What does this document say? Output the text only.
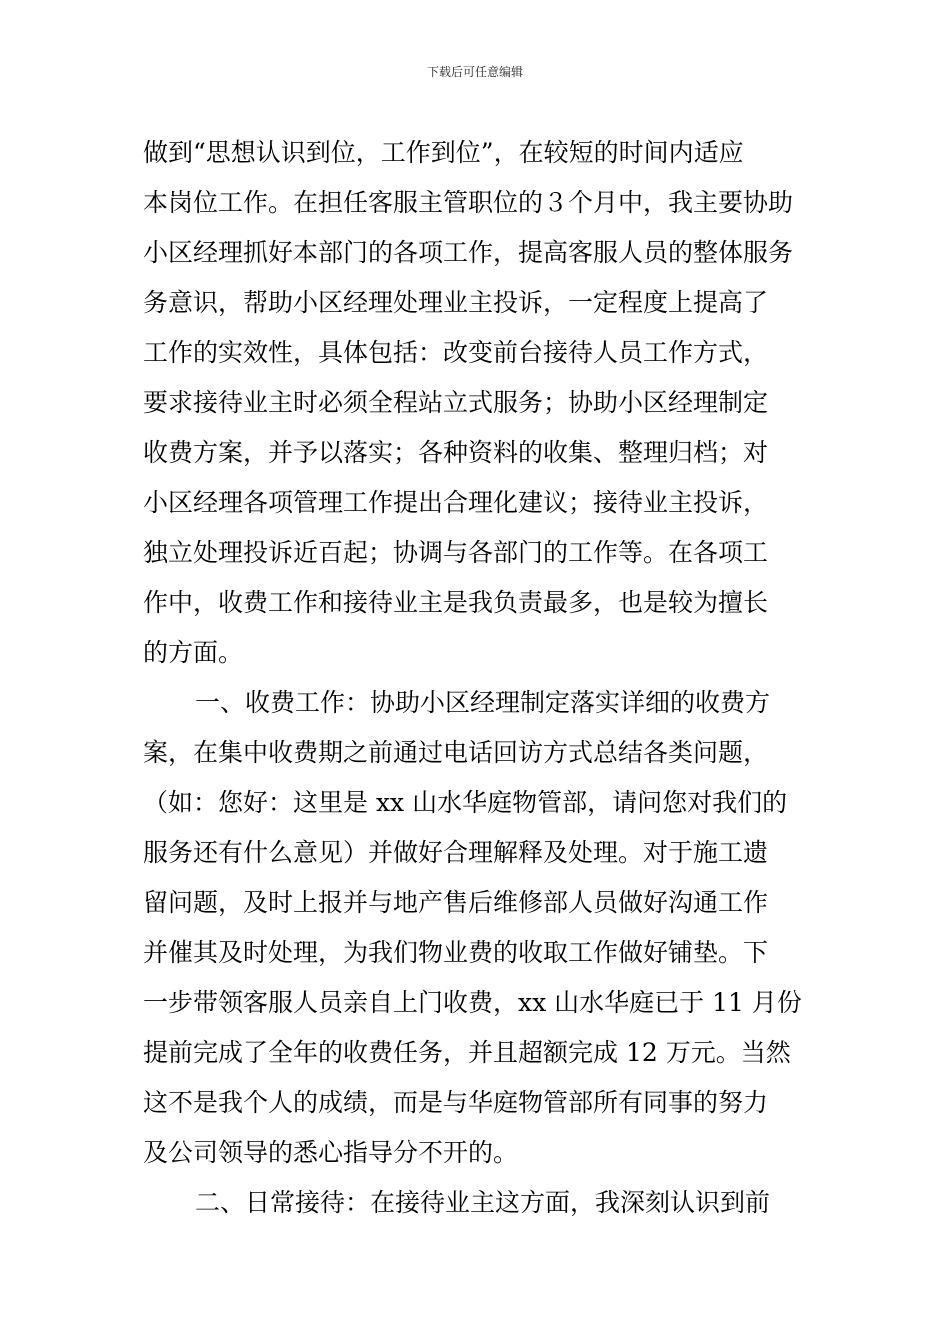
下载后可任意编辑
做到“思想认识到位，工作到位”，在较短的时间内适应
本岗位工作。在担任客服主管职位的３个月中，我主要协助
小区经理抓好本部门的各项工作，提高客服人员的整体服务
务意识，帮助小区经理处理业主投诉，一定程度上提高了
工作的实效性，具体包括：改变前台接待人员工作方式，
要求接待业主时必须全程站立式服务；协助小区经理制定
收费方案，并予以落实；各种资料的收集、整理归档；对
小区经理各项管理工作提出合理化建议；接待业主投诉，
独立处理投诉近百起；协调与各部门的工作等。在各项工
作中，收费工作和接待业主是我负责最多，也是较为擅长
的方面。
一、收费工作：协助小区经理制定落实详细的收费方
案，在集中收费期之前通过电话回访方式总结各类问题，
（如：您好：这里是 xx 山水华庭物管部，请问您对我们的
服务还有什么意见）并做好合理解释及处理。对于施工遗
留问题，及时上报并与地产售后维修部人员做好沟通工作
并催其及时处理，为我们物业费的收取工作做好铺垫。下
一步带领客服人员亲自上门收费，xx 山水华庭已于 11 月份
提前完成了全年的收费任务，并且超额完成 12 万元。当然
这不是我个人的成绩，而是与华庭物管部所有同事的努力
及公司领导的悉心指导分不开的。
二、日常接待：在接待业主这方面，我深刻认识到前
